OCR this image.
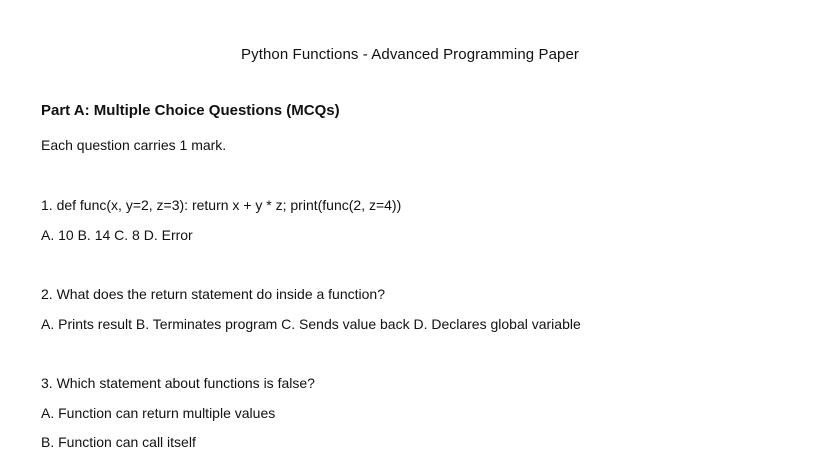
Python Functions - Advanced Programming Paper
Part A: Multiple Choice Questions (MCQs)
Each question carries 1 mark.
1. def func(x, y=2, z=3): return x + y * z; print(func(2, z=4))
A. 10 B. 14 C. 8 D. Error
2. What does the return statement do inside a function?
A. Prints result B. Terminates program C. Sends value back D. Declares global variable
3. Which statement about functions is false?
A. Function can return multiple values
B. Function can call itself
